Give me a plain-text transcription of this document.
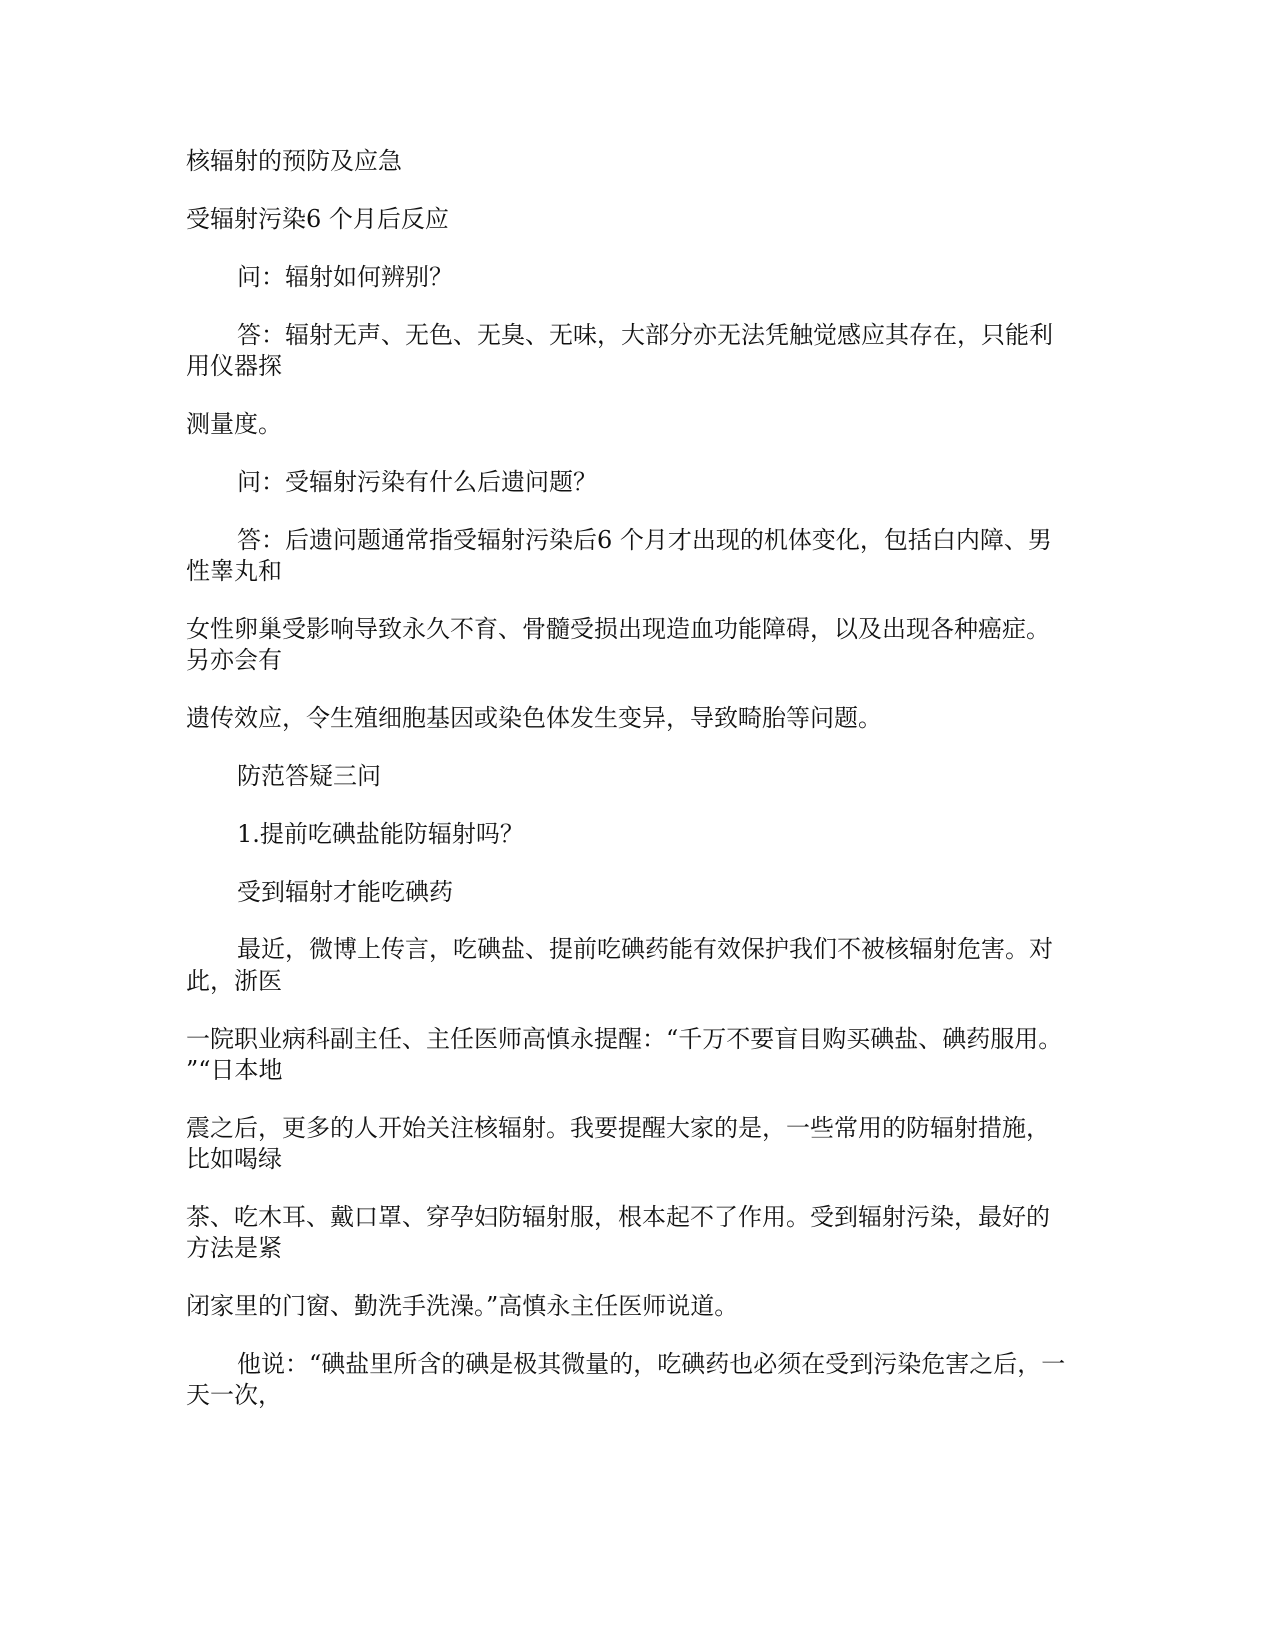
核辐射的预防及应急
受辐射污染6 个月后反应
问：辐射如何辨别？
答：辐射无声、无色、无臭、无味，大部分亦无法凭触觉感应其存在，只能利
用仪器探
测量度。
问：受辐射污染有什么后遗问题？
答：后遗问题通常指受辐射污染后6 个月才出现的机体变化，包括白内障、男
性睾丸和
女性卵巢受影响导致永久不育、骨髓受损出现造血功能障碍，以及出现各种癌症。
另亦会有
遗传效应，令生殖细胞基因或染色体发生变异，导致畸胎等问题。
防范答疑三问
1.提前吃碘盐能防辐射吗？
受到辐射才能吃碘药
最近，微博上传言，吃碘盐、提前吃碘药能有效保护我们不被核辐射危害。对
此，浙医
一院职业病科副主任、主任医师高慎永提醒：“千万不要盲目购买碘盐、碘药服用。
”“日本地
震之后，更多的人开始关注核辐射。我要提醒大家的是，一些常用的防辐射措施，
比如喝绿
茶、吃木耳、戴口罩、穿孕妇防辐射服，根本起不了作用。受到辐射污染，最好的
方法是紧
闭家里的门窗、勤洗手洗澡。”高慎永主任医师说道。
他说：“碘盐里所含的碘是极其微量的，吃碘药也必须在受到污染危害之后，一
天一次，
